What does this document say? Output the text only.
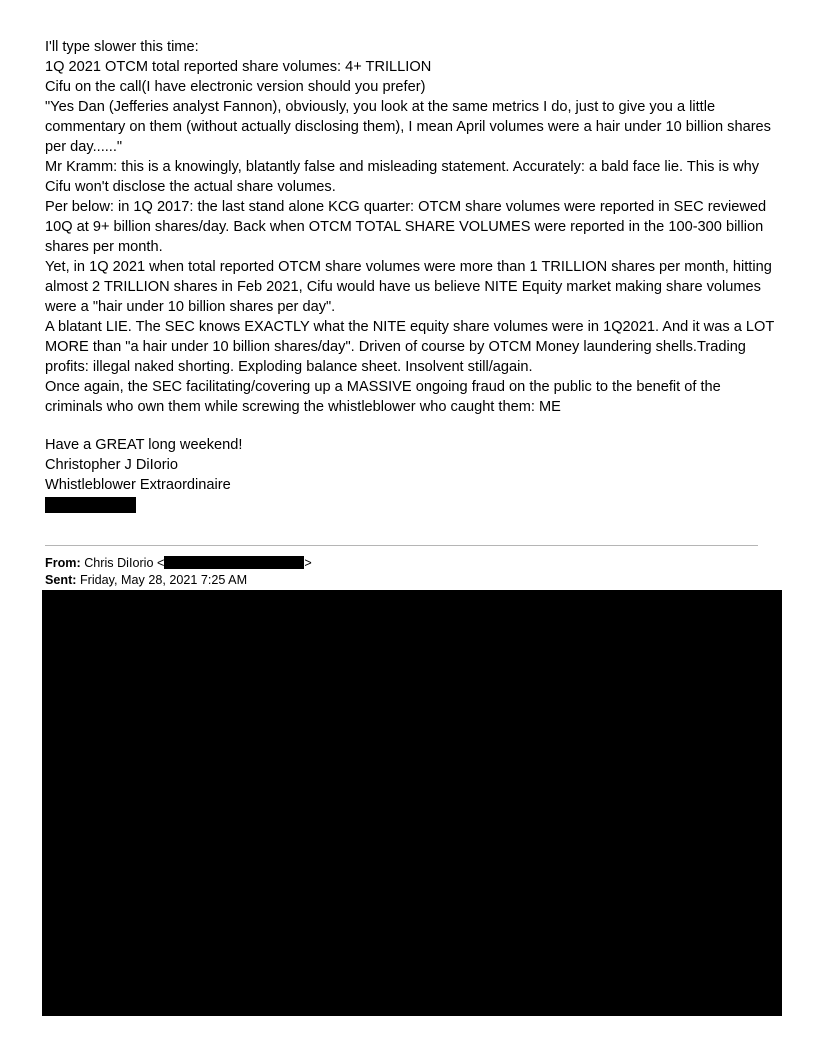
I'll type slower this time:

1Q 2021 OTCM total reported share volumes: 4+ TRILLION

Cifu on the call(I have electronic version should you prefer)

"Yes Dan (Jefferies analyst Fannon), obviously, you look at the same metrics I do, just to give you a little commentary on them (without actually disclosing them), I mean April volumes were a hair under 10 billion shares per day......"

Mr Kramm: this is a knowingly, blatantly false and misleading statement. Accurately: a bald face lie. This is why Cifu won't disclose the actual share volumes.

Per below: in 1Q 2017: the last stand alone KCG quarter: OTCM share volumes were reported in SEC reviewed 10Q at 9+ billion shares/day. Back when OTCM TOTAL SHARE VOLUMES were reported in the 100-300 billion shares per month.

Yet, in 1Q 2021 when total reported OTCM share volumes were more than 1 TRILLION shares per month, hitting almost 2 TRILLION shares in Feb 2021, Cifu would have us believe NITE Equity market making share volumes were a "hair under 10 billion shares per day".

A blatant LIE. The SEC knows EXACTLY what the NITE equity share volumes were in 1Q2021. And it was a LOT MORE than "a hair under 10 billion shares/day". Driven of course by OTCM Money laundering shells.Trading profits: illegal naked shorting. Exploding balance sheet. Insolvent still/again.

Once again, the SEC facilitating/covering up a MASSIVE ongoing fraud on the public to the benefit of the criminals who own them while screwing the whistleblower who caught them: ME

Have a GREAT long weekend!

Christopher J DiIorio

Whistleblower Extraordinaire

From: Chris DiIorio <	>
Sent: Friday, May 28, 2021 7:25 AM
